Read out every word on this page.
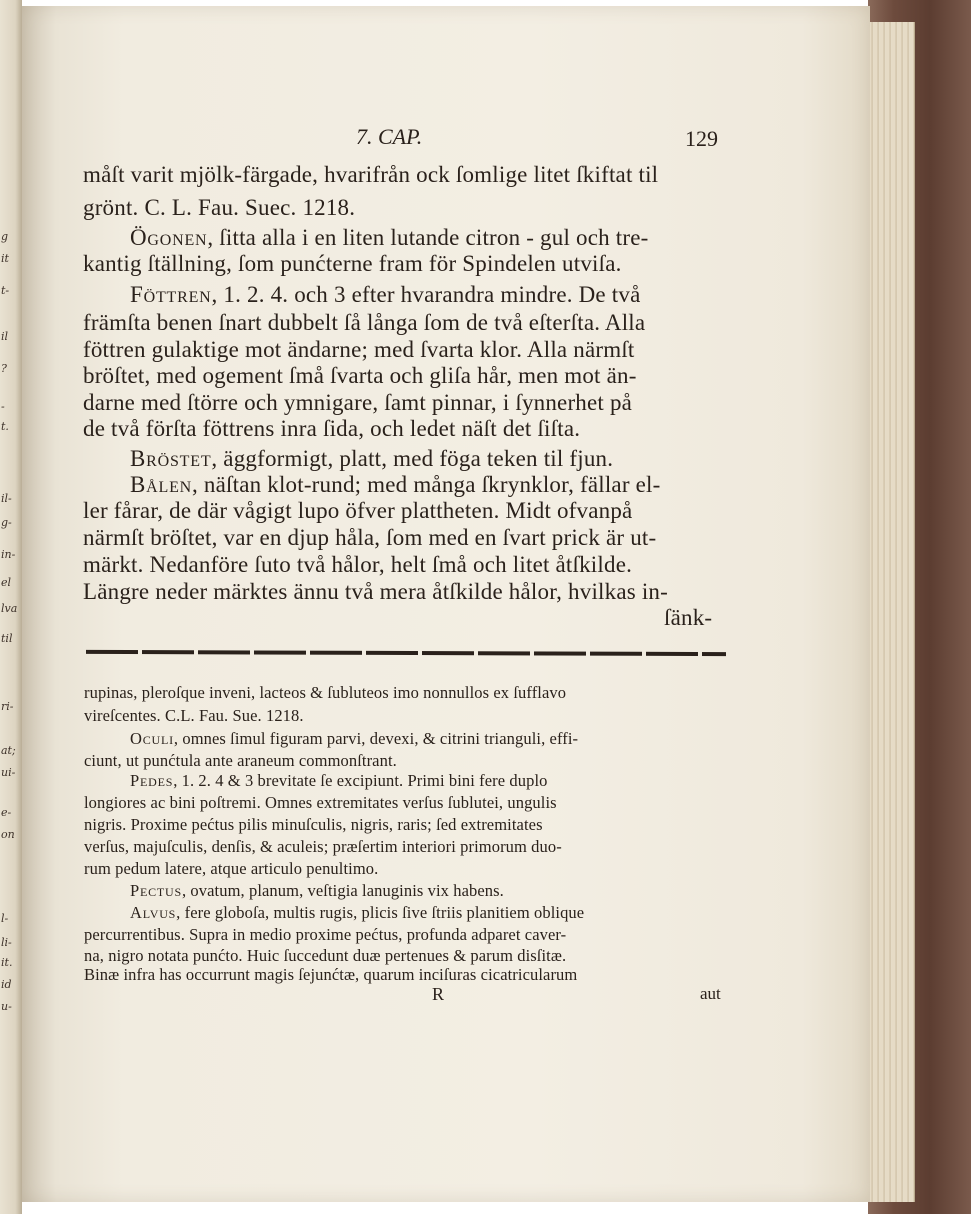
g
it
t-
il
?
-
t.
il-
g-
in-
el
lva
til
ri-
at;
ui-
e-
on
l-
li-
it.
id
u-
7. CAP.	129
måſt varit mjölk-färgade, hvarifrån ock ſomlige litet ſkiftat til
grönt. C. L. Fau. Suec. 1218.
Ögonen, ſitta alla i en liten lutande citron - gul och tre-
kantig ſtällning, ſom punćterne fram för Spindelen utviſa.
Föttren, 1. 2. 4. och 3 efter hvarandra mindre. De två
främſta benen ſnart dubbelt ſå långa ſom de två eſterſta. Alla
föttren gulaktige mot ändarne; med ſvarta klor. Alla närmſt
bröſtet, med ogement ſmå ſvarta och gliſa hår, men mot än-
darne med ſtörre och ymnigare, ſamt pinnar, i ſynnerhet på
de två förſta föttrens inra ſida, och ledet näſt det ſiſta.
Bröstet, äggformigt, platt, med föga teken til fjun.
Bålen, näſtan klot-rund; med många ſkrynklor, fällar el-
ler fårar, de där vågigt lupo öfver plattheten. Midt ofvanpå
närmſt bröſtet, var en djup håla, ſom med en ſvart prick är ut-
märkt. Nedanföre ſuto två hålor, helt ſmå och litet åtſkilde.
Längre neder märktes ännu två mera åtſkilde hålor, hvilkas in-
ſänk-
rupinas, pleroſque inveni, lacteos & ſubluteos imo nonnullos ex ſufflavo
vireſcentes. C.L. Fau. Sue. 1218.
Oculi, omnes ſimul figuram parvi, devexi, & citrini trianguli, effi-
ciunt, ut punćtula ante araneum commonſtrant.
Pedes, 1. 2. 4 & 3 brevitate ſe excipiunt. Primi bini fere duplo
longiores ac bini poſtremi. Omnes extremitates verſus ſublutei, ungulis
nigris. Proxime pećtus pilis minuſculis, nigris, raris; ſed extremitates
verſus, majuſculis, denſis, & aculeis; præſertim interiori primorum duo-
rum pedum latere, atque articulo penultimo.
Pectus, ovatum, planum, veſtigia lanuginis vix habens.
Alvus, fere globoſa, multis rugis, plicis ſive ſtriis planitiem oblique
percurrentibus. Supra in medio proxime pećtus, profunda adparet caver-
na, nigro notata punćto. Huic ſuccedunt duæ pertenues & parum disſitæ.
Binæ infra has occurrunt magis ſejunćtæ, quarum inciſuras cicatricularum
R	aut
